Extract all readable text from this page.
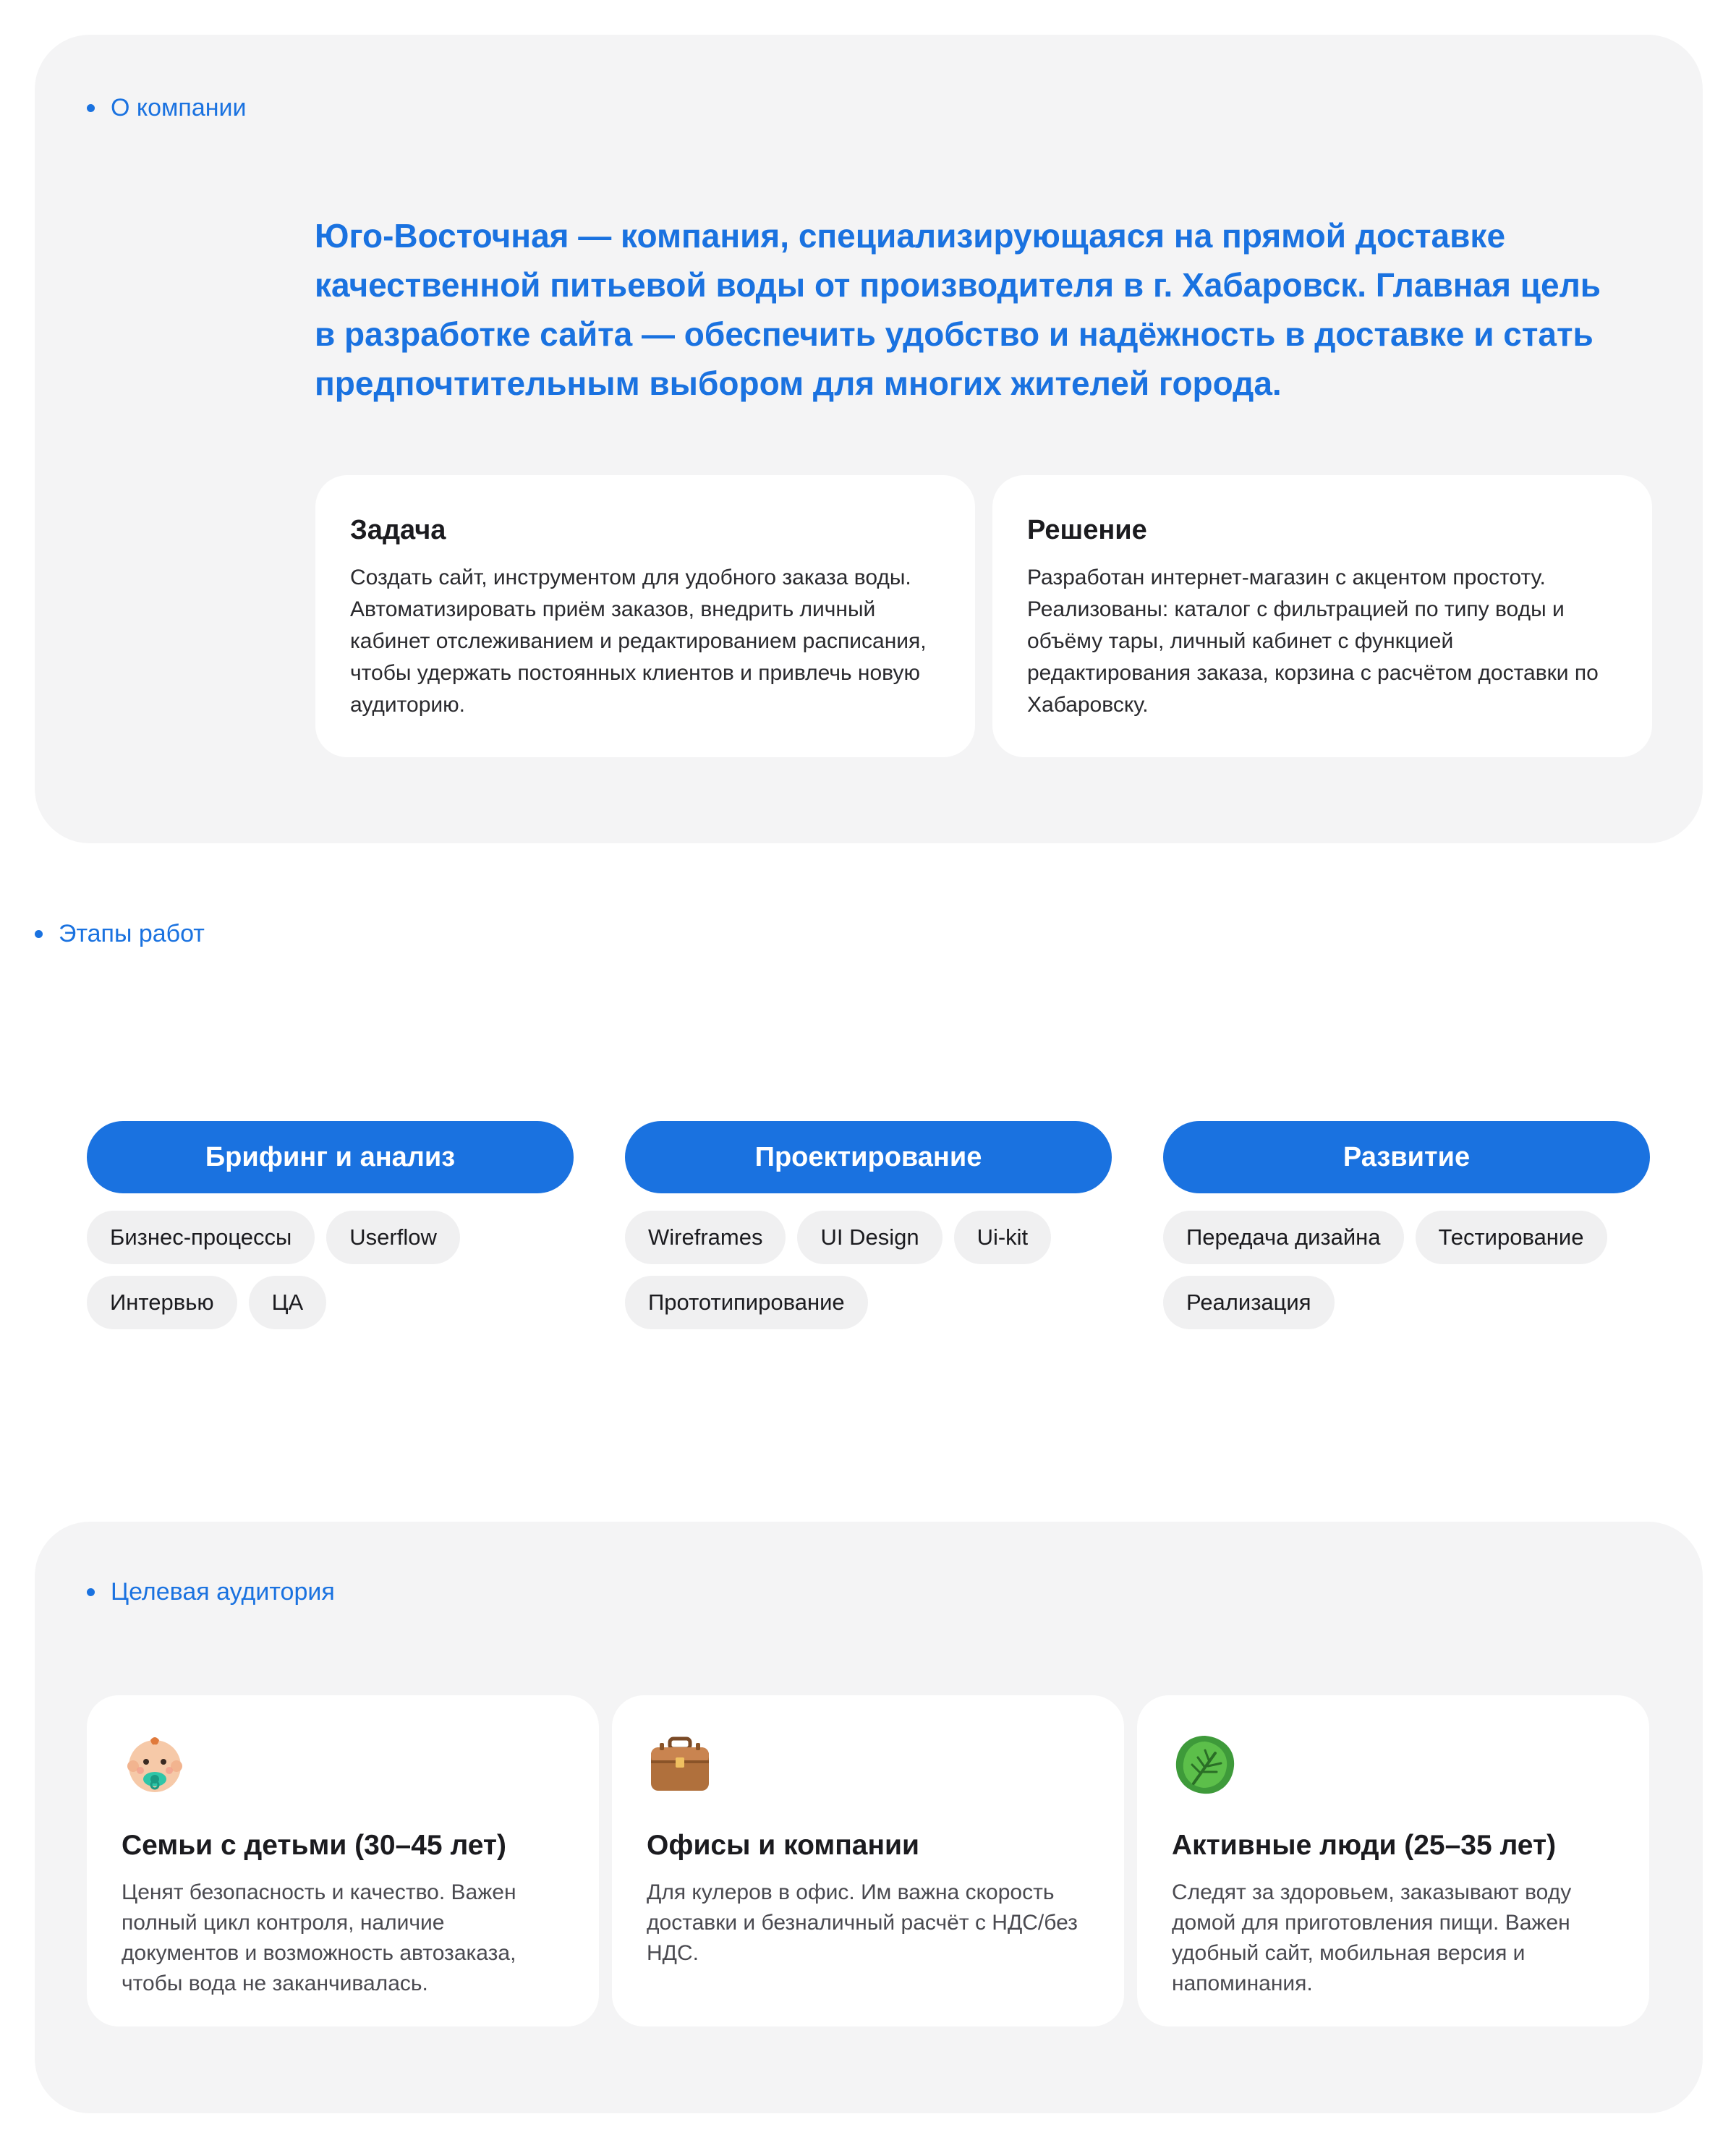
О компании

Юго-Восточная — компания, специализирующаяся на прямой доставке качественной питьевой воды от производителя в г. Хабаровск. Главная цель в разработке сайта — обеспечить удобство и надёжность в доставке и стать предпочтительным выбором для многих жителей города.

Задача

Создать сайт, инструментом для удобного заказа воды. Автоматизировать приём заказов, внедрить личный кабинет отслеживанием и редактированием расписания, чтобы удержать постоянных клиентов и привлечь новую аудиторию.

Решение

Разработан интернет-магазин с акцентом простоту. Реализованы: каталог с фильтрацией по типу воды и объёму тары, личный кабинет с функцией редактирования заказа, корзина с расчётом доставки по Хабаровску.

Этапы работ
Брифинг и анализ
Бизнес-процессы	Userflow
Интервью	ЦА
Проектирование
Wireframes	UI Design	Ui-kit
Прототипирование
Развитие
Передача дизайна	Тестирование
Реализация
Целевая аудитория
Семьи с детьми (30–45 лет)

Ценят безопасность и качество. Важен полный цикл контроля, наличие документов и возможность автозаказа, чтобы вода не заканчивалась.

Офисы и компании

Для кулеров в офис. Им важна скорость доставки и безналичный расчёт с НДС/без НДС.

Активные люди (25–35 лет)

Следят за здоровьем, заказывают воду домой для приготовления пищи. Важен удобный сайт, мобильная версия и напоминания.
